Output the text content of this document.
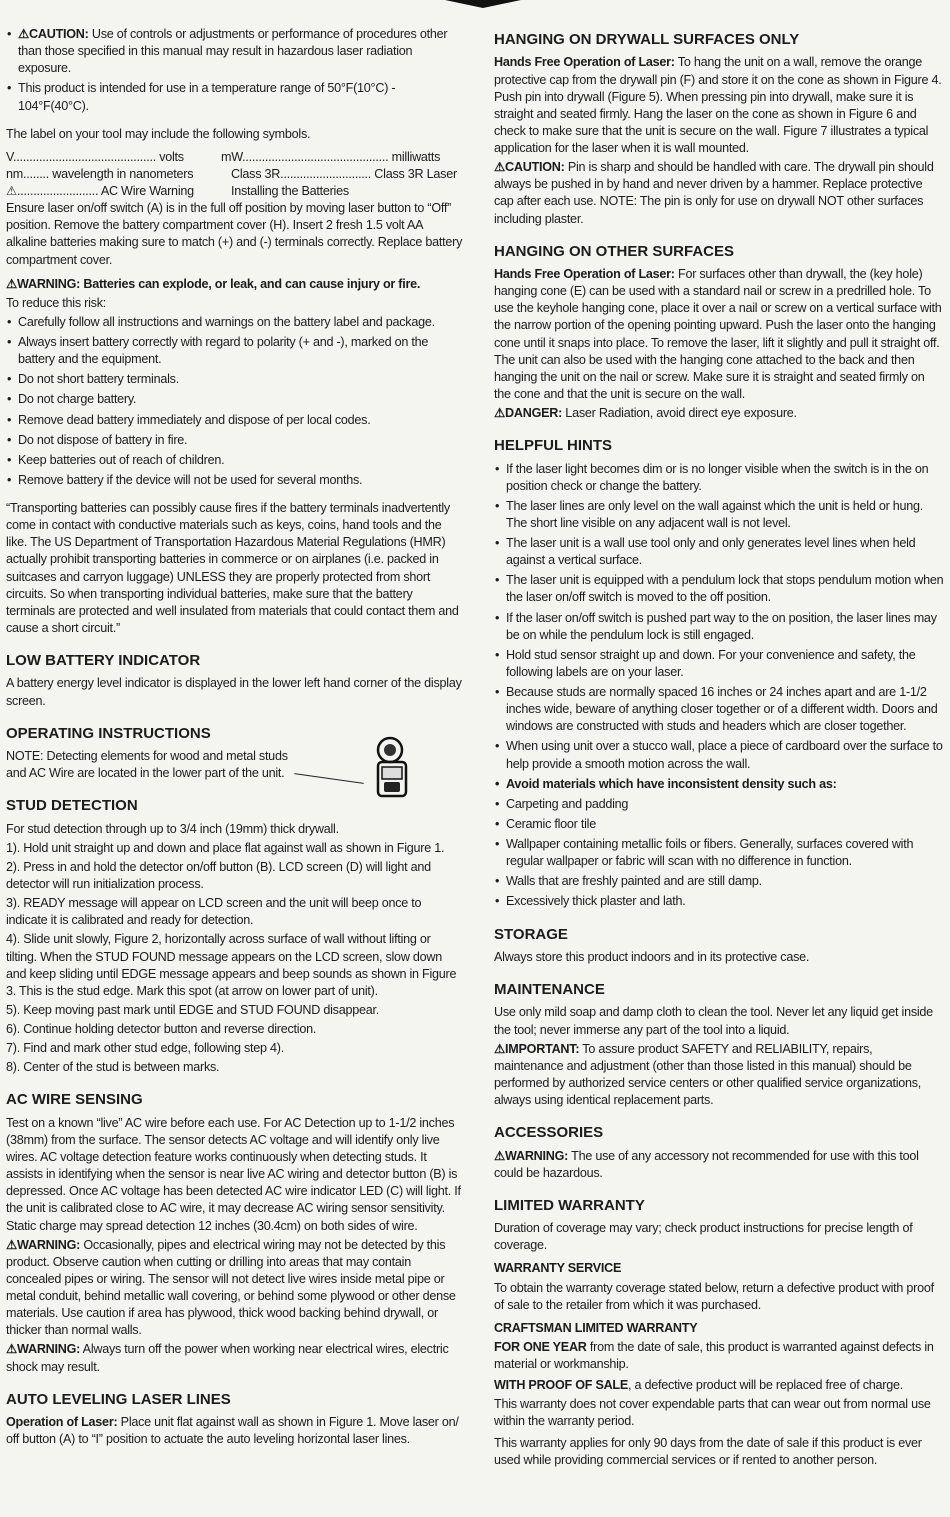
• ⚠CAUTION: Use of controls or adjustments or performance of procedures other than those specified in this manual may result in hazardous laser radiation exposure.
• This product is intended for use in a temperature range of 50°F(10°C) - 104°F(40°C).

The label on your tool may include the following symbols.

V............................................ volts	mW............................................. milliwatts
nm........ wavelength in nanometers	Class 3R............................ Class 3R Laser
⚠......................... AC Wire Warning	Installing the Batteries

Ensure laser on/off switch (A) is in the full off position by moving laser button to “Off” position. Remove the battery compartment cover (H). Insert 2 fresh 1.5 volt AA alkaline batteries making sure to match (+) and (-) terminals correctly. Replace battery compartment cover.

⚠WARNING: Batteries can explode, or leak, and can cause injury or fire.

To reduce this risk:

• Carefully follow all instructions and warnings on the battery label and package.
• Always insert battery correctly with regard to polarity (+ and -), marked on the battery and the equipment.
• Do not short battery terminals.
• Do not charge battery.
• Remove dead battery immediately and dispose of per local codes.
• Do not dispose of battery in fire.
• Keep batteries out of reach of children.
• Remove battery if the device will not be used for several months.

“Transporting batteries can possibly cause fires if the battery terminals inadvertently come in contact with conductive materials such as keys, coins, hand tools and the like. The US Department of Transportation Hazardous Material Regulations (HMR) actually prohibit transporting batteries in commerce or on airplanes (i.e. packed in suitcases and carryon luggage) UNLESS they are properly protected from short circuits. So when transporting individual batteries, make sure that the battery terminals are protected and well insulated from materials that could contact them and cause a short circuit.”

LOW BATTERY INDICATOR

A battery energy level indicator is displayed in the lower left hand corner of the display screen.

OPERATING INSTRUCTIONS

NOTE: Detecting elements for wood and metal studs and AC Wire are located in the lower part of the unit.

STUD DETECTION

For stud detection through up to 3/4 inch (19mm) thick drywall.

1). Hold unit straight up and down and place flat against wall as shown in Figure 1.

2). Press in and hold the detector on/off button (B). LCD screen (D) will light and detector will run initialization process.

3). READY message will appear on LCD screen and the unit will beep once to indicate it is calibrated and ready for detection.

4). Slide unit slowly, Figure 2, horizontally across surface of wall without lifting or tilting. When the STUD FOUND message appears on the LCD screen, slow down and keep sliding until EDGE message appears and beep sounds as shown in Figure 3. This is the stud edge. Mark this spot (at arrow on lower part of unit).

5). Keep moving past mark until EDGE and STUD FOUND disappear.

6). Continue holding detector button and reverse direction.

7). Find and mark other stud edge, following step 4).

8). Center of the stud is between marks.

AC WIRE SENSING

Test on a known “live” AC wire before each use. For AC Detection up to 1-1/2 inches (38mm) from the surface. The sensor detects AC voltage and will identify only live wires. AC voltage detection feature works continuously when detecting studs. It assists in identifying when the sensor is near live AC wiring and detector button (B) is depressed. Once AC voltage has been detected AC wire indicator LED (C) will light. If the unit is calibrated close to AC wire, it may decrease AC wiring sensor sensitivity. Static charge may spread detection 12 inches (30.4cm) on both sides of wire.

⚠WARNING: Occasionally, pipes and electrical wiring may not be detected by this product. Observe caution when cutting or drilling into areas that may contain concealed pipes or wiring. The sensor will not detect live wires inside metal pipe or metal conduit, behind metallic wall covering, or behind some plywood or other dense materials. Use caution if area has plywood, thick wood backing behind drywall, or thicker than normal walls.

⚠WARNING: Always turn off the power when working near electrical wires, electric shock may result.

AUTO LEVELING LASER LINES

Operation of Laser: Place unit flat against wall as shown in Figure 1. Move laser on/ off button (A) to “I” position to actuate the auto leveling horizontal laser lines.

HANGING ON DRYWALL SURFACES ONLY

Hands Free Operation of Laser: To hang the unit on a wall, remove the orange protective cap from the drywall pin (F) and store it on the cone as shown in Figure 4. Push pin into drywall (Figure 5). When pressing pin into drywall, make sure it is straight and seated firmly. Hang the laser on the cone as shown in Figure 6 and check to make sure that the unit is secure on the wall. Figure 7 illustrates a typical application for the laser when it is wall mounted.

⚠CAUTION: Pin is sharp and should be handled with care. The drywall pin should always be pushed in by hand and never driven by a hammer. Replace protective cap after each use. NOTE: The pin is only for use on drywall NOT other surfaces including plaster.

HANGING ON OTHER SURFACES

Hands Free Operation of Laser: For surfaces other than drywall, the (key hole) hanging cone (E) can be used with a standard nail or screw in a predrilled hole. To use the keyhole hanging cone, place it over a nail or screw on a vertical surface with the narrow portion of the opening pointing upward. Push the laser onto the hanging cone until it snaps into place. To remove the laser, lift it slightly and pull it straight off. The unit can also be used with the hanging cone attached to the back and then hanging the unit on the nail or screw. Make sure it is straight and seated firmly on the cone and that the unit is secure on the wall.

⚠DANGER: Laser Radiation, avoid direct eye exposure.

HELPFUL HINTS
• If the laser light becomes dim or is no longer visible when the switch is in the on position check or change the battery.
• The laser lines are only level on the wall against which the unit is held or hung. The short line visible on any adjacent wall is not level.
• The laser unit is a wall use tool only and only generates level lines when held against a vertical surface.
• The laser unit is equipped with a pendulum lock that stops pendulum motion when the laser on/off switch is moved to the off position.
• If the laser on/off switch is pushed part way to the on position, the laser lines may be on while the pendulum lock is still engaged.
• Hold stud sensor straight up and down. For your convenience and safety, the following labels are on your laser.
• Because studs are normally spaced 16 inches or 24 inches apart and are 1-1/2 inches wide, beware of anything closer together or of a different width. Doors and windows are constructed with studs and headers which are closer together.
• When using unit over a stucco wall, place a piece of cardboard over the surface to help provide a smooth motion across the wall.
• Avoid materials which have inconsistent density such as:
• Carpeting and padding
• Ceramic floor tile
• Wallpaper containing metallic foils or fibers. Generally, surfaces covered with regular wallpaper or fabric will scan with no difference in function.
• Walls that are freshly painted and are still damp.
• Excessively thick plaster and lath.
STORAGE

Always store this product indoors and in its protective case.

MAINTENANCE

Use only mild soap and damp cloth to clean the tool. Never let any liquid get inside the tool; never immerse any part of the tool into a liquid.

⚠IMPORTANT: To assure product SAFETY and RELIABILITY, repairs, maintenance and adjustment (other than those listed in this manual) should be performed by authorized service centers or other qualified service organizations, always using identical replacement parts.

ACCESSORIES

⚠WARNING: The use of any accessory not recommended for use with this tool could be hazardous.

LIMITED WARRANTY

Duration of coverage may vary; check product instructions for precise length of coverage.

WARRANTY SERVICE

To obtain the warranty coverage stated below, return a defective product with proof of sale to the retailer from which it was purchased.

CRAFTSMAN LIMITED WARRANTY

FOR ONE YEAR from the date of sale, this product is warranted against defects in material or workmanship.

WITH PROOF OF SALE, a defective product will be replaced free of charge.

This warranty does not cover expendable parts that can wear out from normal use within the warranty period.

This warranty applies for only 90 days from the date of sale if this product is ever used while providing commercial services or if rented to another person.
